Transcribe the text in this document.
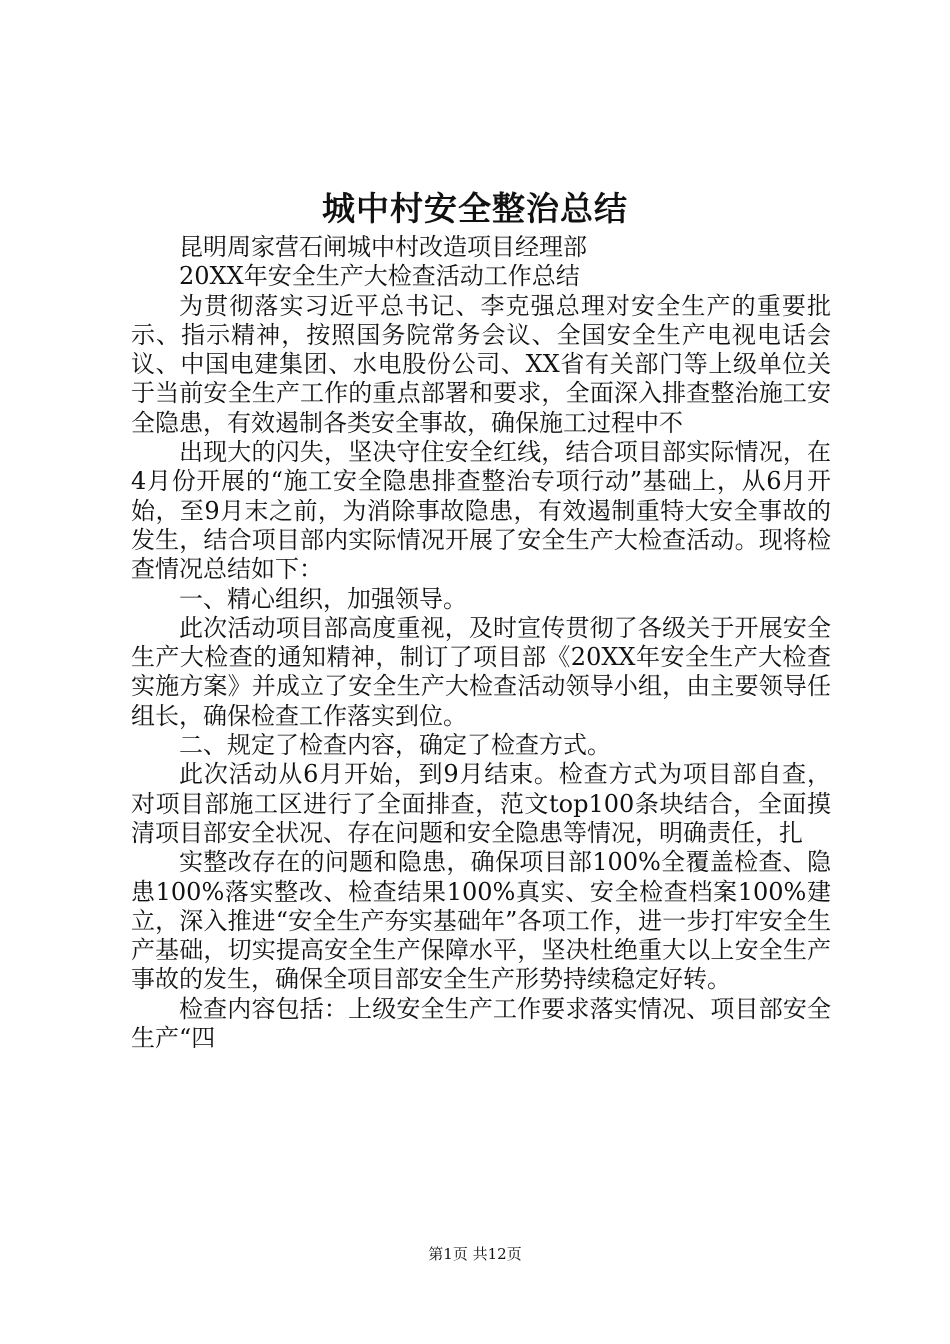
城中村安全整治总结

昆明周家营石闸城中村改造项目经理部

20XX年安全生产大检查活动工作总结

为贯彻落实习近平总书记、李克强总理对安全生产的重要批示、指示精神，按照国务院常务会议、全国安全生产电视电话会议、中国电建集团、水电股份公司、XX省有关部门等上级单位关于当前安全生产工作的重点部署和要求，全面深入排查整治施工安全隐患，有效遏制各类安全事故，确保施工过程中不

出现大的闪失，坚决守住安全红线，结合项目部实际情况，在4月份开展的“施工安全隐患排查整治专项行动”基础上，从6月开始，至9月末之前，为消除事故隐患，有效遏制重特大安全事故的发生，结合项目部内实际情况开展了安全生产大检查活动。现将检查情况总结如下：

一、精心组织，加强领导。

此次活动项目部高度重视，及时宣传贯彻了各级关于开展安全生产大检查的通知精神，制订了项目部《20XX年安全生产大检查实施方案》并成立了安全生产大检查活动领导小组，由主要领导任组长，确保检查工作落实到位。

二、规定了检查内容，确定了检查方式。

此次活动从6月开始，到9月结束。检查方式为项目部自查，对项目部施工区进行了全面排查，范文top100条块结合，全面摸清项目部安全状况、存在问题和安全隐患等情况，明确责任，扎

实整改存在的问题和隐患，确保项目部100%全覆盖检查、隐患100%落实整改、检查结果100%真实、安全检查档案100%建立，深入推进“安全生产夯实基础年”各项工作，进一步打牢安全生产基础，切实提高安全生产保障水平，坚决杜绝重大以上安全生产事故的发生，确保全项目部安全生产形势持续稳定好转。

检查内容包括：上级安全生产工作要求落实情况、项目部安全生产“四

第1页 共12页
